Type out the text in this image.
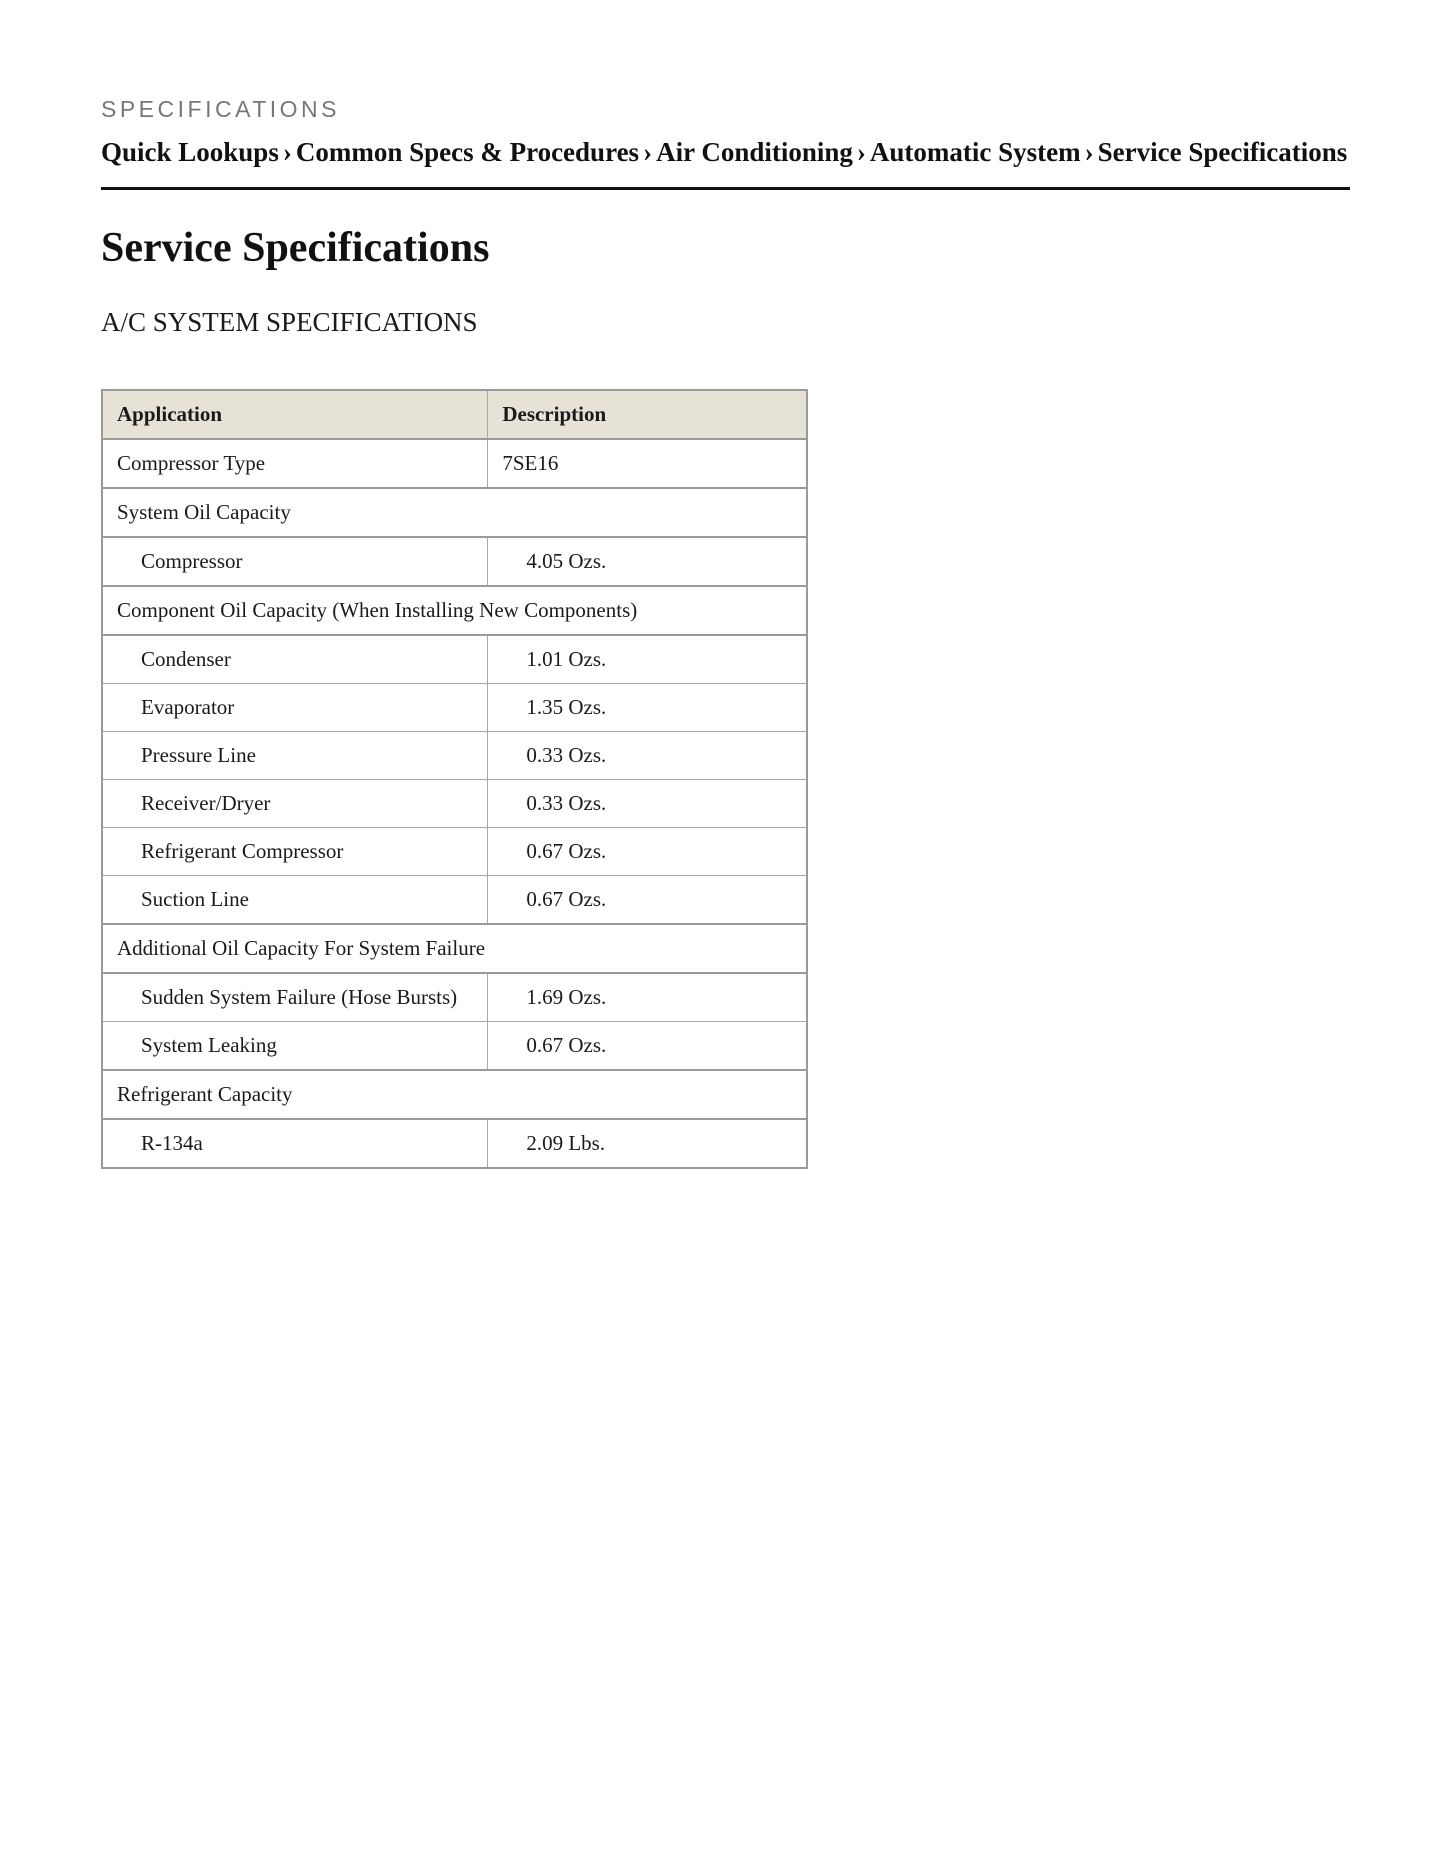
SPECIFICATIONS
Quick Lookups › Common Specs & Procedures › Air Conditioning › Automatic System › Service Specifications
Service Specifications
A/C SYSTEM SPECIFICATIONS
Application	Description
Compressor Type	7SE16
System Oil Capacity	
Compressor	4.05 Ozs.
Component Oil Capacity (When Installing New Components)	
Condenser	1.01 Ozs.
Evaporator	1.35 Ozs.
Pressure Line	0.33 Ozs.
Receiver/Dryer	0.33 Ozs.
Refrigerant Compressor	0.67 Ozs.
Suction Line	0.67 Ozs.
Additional Oil Capacity For System Failure	
Sudden System Failure (Hose Bursts)	1.69 Ozs.
System Leaking	0.67 Ozs.
Refrigerant Capacity	
R-134a	2.09 Lbs.
